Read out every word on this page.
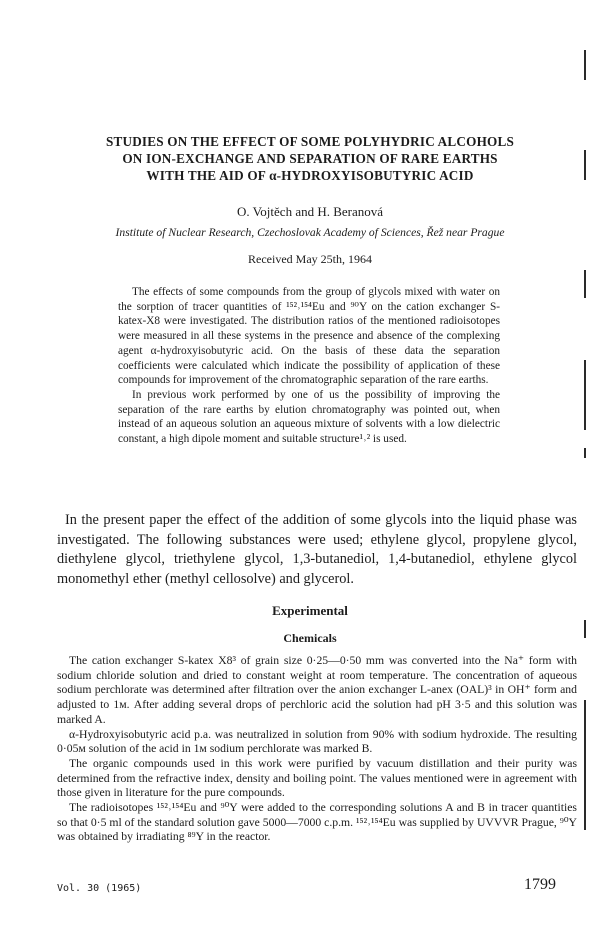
STUDIES ON THE EFFECT OF SOME POLYHYDRIC ALCOHOLS
ON ION-EXCHANGE AND SEPARATION OF RARE EARTHS
WITH THE AID OF α-HYDROXYISOBUTYRIC ACID

O. Vojtěch and H. Beranová

Institute of Nuclear Research, Czechoslovak Academy of Sciences, Řež near Prague

Received May 25th, 1964

The effects of some compounds from the group of glycols mixed with water on the sorption of tracer quantities of ¹⁵²˒¹⁵⁴Eu and ⁹⁰Y on the cation exchanger S-katex-X8 were investigated. The distribution ratios of the mentioned radioisotopes were measured in all these systems in the presence and absence of the complexing agent α-hydroxyisobutyric acid. On the basis of these data the separation coefficients were calculated which indicate the possibility of application of these compounds for improvement of the chromatographic separation of the rare earths.

In previous work performed by one of us the possibility of improving the separation of the rare earths by elution chromatography was pointed out, when instead of an aqueous solution an aqueous mixture of solvents with a low dielectric constant, a high dipole moment and suitable structure¹˒² is used.

In the present paper the effect of the addition of some glycols into the liquid phase was investigated. The following substances were used; ethylene glycol, propylene glycol, diethylene glycol, triethylene glycol, 1,3-butanediol, 1,4-butanediol, ethylene glycol monomethyl ether (methyl cellosolve) and glycerol.

Experimental
Chemicals

The cation exchanger S-katex X8³ of grain size 0·25—0·50 mm was converted into the Na⁺ form with sodium chloride solution and dried to constant weight at room temperature. The concentration of aqueous sodium perchlorate was determined after filtration over the anion exchanger L-anex (OAL)³ in OH⁺ form and adjusted to 1м. After adding several drops of perchloric acid the solution had pH 3·5 and this solution was marked A.

α-Hydroxyisobutyric acid p.a. was neutralized in solution from 90% with sodium hydroxide. The resulting 0·05м solution of the acid in 1м sodium perchlorate was marked B.

The organic compounds used in this work were purified by vacuum distillation and their purity was determined from the refractive index, density and boiling point. The values mentioned were in agreement with those given in literature for the pure compounds.

The radioisotopes ¹⁵²˒¹⁵⁴Eu and ⁹⁰Y were added to the corresponding solutions A and B in tracer quantities so that 0·5 ml of the standard solution gave 5000—7000 c.p.m. ¹⁵²˒¹⁵⁴Eu was supplied by UVVVR Prague, ⁹⁰Y was obtained by irradiating ⁸⁹Y in the reactor.

Vol. 30 (1965)	1799
